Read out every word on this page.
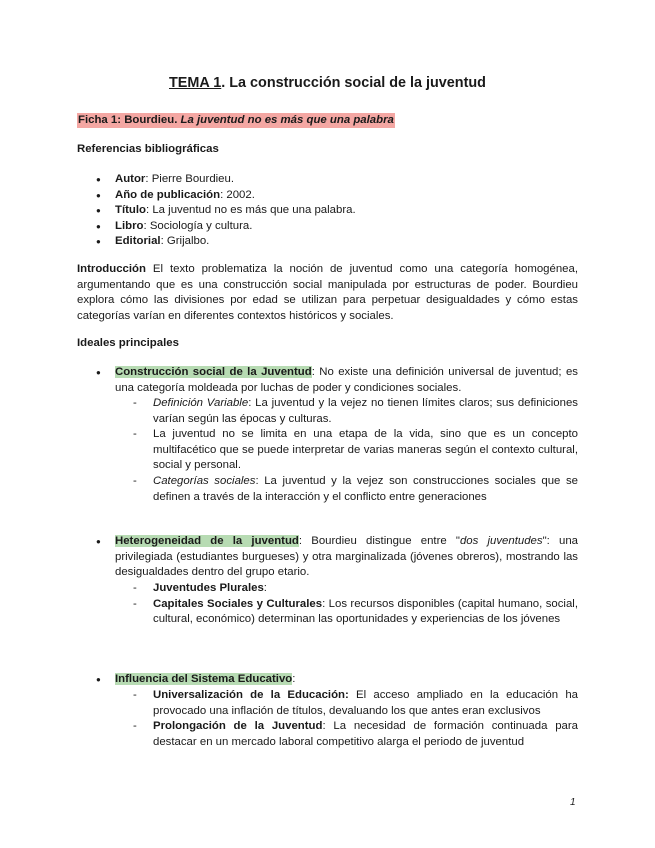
TEMA 1. La construcción social de la juventud
Ficha 1: Bourdieu. La juventud no es más que una palabra
Referencias bibliográficas
● Autor: Pierre Bourdieu.
● Año de publicación: 2002.
● Título: La juventud no es más que una palabra.
● Libro: Sociología y cultura.
● Editorial: Grijalbo.

Introducción El texto problematiza la noción de juventud como una categoría homogénea, argumentando que es una construcción social manipulada por estructuras de poder. Bourdieu explora cómo las divisiones por edad se utilizan para perpetuar desigualdades y cómo estas categorías varían en diferentes contextos históricos y sociales.

Ideales principales
● Construcción social de la Juventud: No existe una definición universal de juventud; es una categoría moldeada por luchas de poder y condiciones sociales.

- Definición Variable: La juventud y la vejez no tienen límites claros; sus definiciones varían según las épocas y culturas.
- La juventud no se limita en una etapa de la vida, sino que es un concepto multifacético que se puede interpretar de varias maneras según el contexto cultural, social y personal.
- Categorías sociales: La juventud y la vejez son construcciones sociales que se definen a través de la interacción y el conflicto entre generaciones
● Heterogeneidad de la juventud: Bourdieu distingue entre "dos juventudes": una privilegiada (estudiantes burgueses) y otra marginalizada (jóvenes obreros), mostrando las desigualdades dentro del grupo etario.

- Juventudes Plurales:
- Capitales Sociales y Culturales: Los recursos disponibles (capital humano, social, cultural, económico) determinan las oportunidades y experiencias de los jóvenes
● Influencia del Sistema Educativo:

- Universalización de la Educación: El acceso ampliado en la educación ha provocado una inflación de títulos, devaluando los que antes eran exclusivos
- Prolongación de la Juventud: La necesidad de formación continuada para destacar en un mercado laboral competitivo alarga el periodo de juventud
1
